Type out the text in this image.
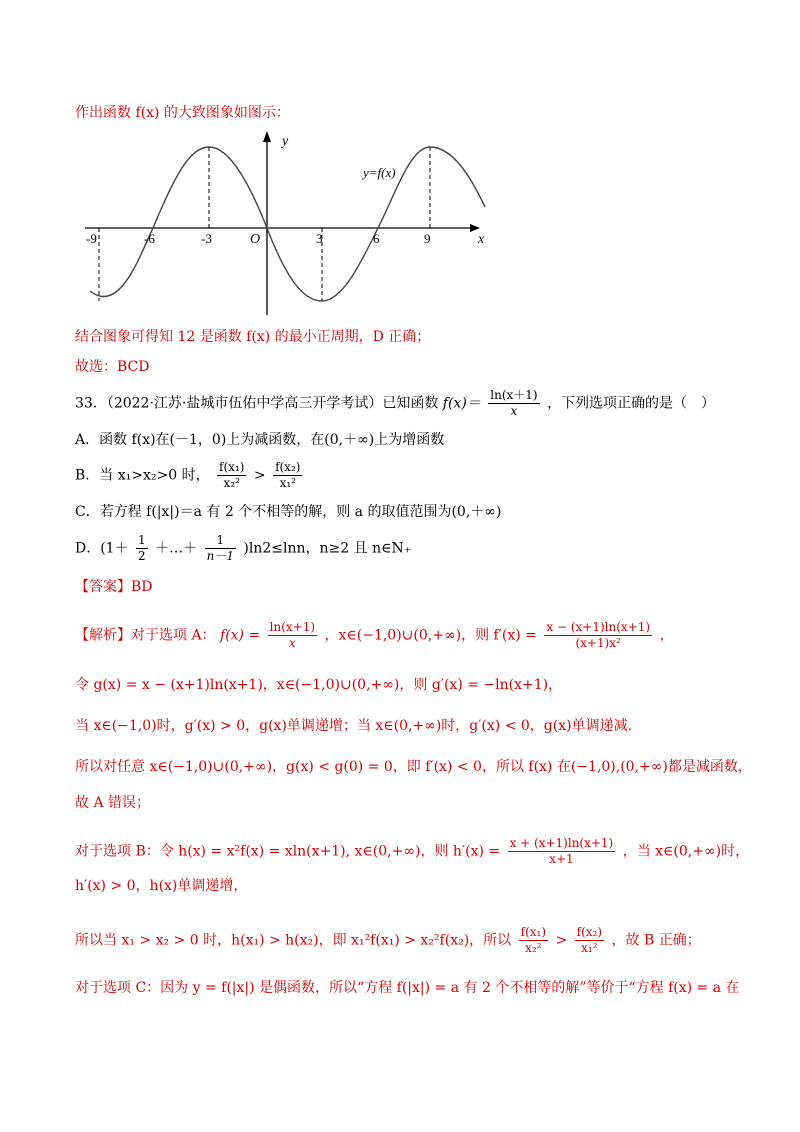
作出函数 f(x) 的大致图象如图示：
y
x
O
y=f(x)
-9	-6	-3	3	6	9
结合图象可得知 12 是函数 f(x) 的最小正周期，D 正确；
故选：BCD
33．（2022·江苏·盐城市伍佑中学高三开学考试）已知函数 $f(x)= \frac{\ln(x+1)}{x}$ ，下列选项正确的是（　）
A．函数 f(x)在(－1，0)上为减函数，在(0,＋∞)上为增函数
B．当 x₁>x₂>0 时， $\frac{\text{f(x₁)}}{\text{x₂²}} > \frac{\text{f(x₂)}}{\text{x₁²}}$
C．若方程 f(|x|)＝a 有 2 个不相等的解，则 a 的取值范围为(0,＋∞)
D．($1+ \frac{1}{2}$ ＋…＋ $\frac{1}{n-1} )\ln 2\le\ln n$，n≥2 且 n∈N₊
【答案】BD
【解析】对于选项 A： $f(x) = \frac{\ln(x+1)}{x}$ ，x∈(−1,0)∪(0,+∞)，则 $f'(x) = \frac{x - (x+1)\ln(x+1)}{\text{(x+1)x²}}$ ，
令 g(x) = x − (x+1)ln(x+1)，x∈(−1,0)∪(0,+∞)，则 g′(x) = −ln(x+1)，
当 x∈(−1,0)时，g′(x) > 0，g(x)单调递增；当 x∈(0,+∞)时，g′(x) < 0，g(x)单调递减.
所以对任意 x∈(−1,0)∪(0,+∞)，g(x) < g(0) = 0，即 f′(x) < 0，所以 f(x) 在(−1,0),(0,+∞)都是减函数，
故 A 错误；
对于选项 B：令 h(x) = x²f(x) = xln(x+1), x∈(0,+∞)，则 $h'(x) = \frac{x + (x+1)\ln(x+1)}{x+1}$ ，当 x∈(0,+∞)时，
h′(x) > 0，h(x)单调递增，
所以当 x₁ > x₂ > 0 时，h(x₁) > h(x₂)，即 x₁²f(x₁) > x₂²f(x₂)，所以 $\frac{\text{f(x₁)}}{\text{x₂²}} > \frac{\text{f(x₂)}}{\text{x₁²}}$ ，故 B 正确；
对于选项 C：因为 y = f(|x|) 是偶函数，所以“方程 f(|x|) = a 有 2 个不相等的解”等价于“方程 f(x) = a 在
